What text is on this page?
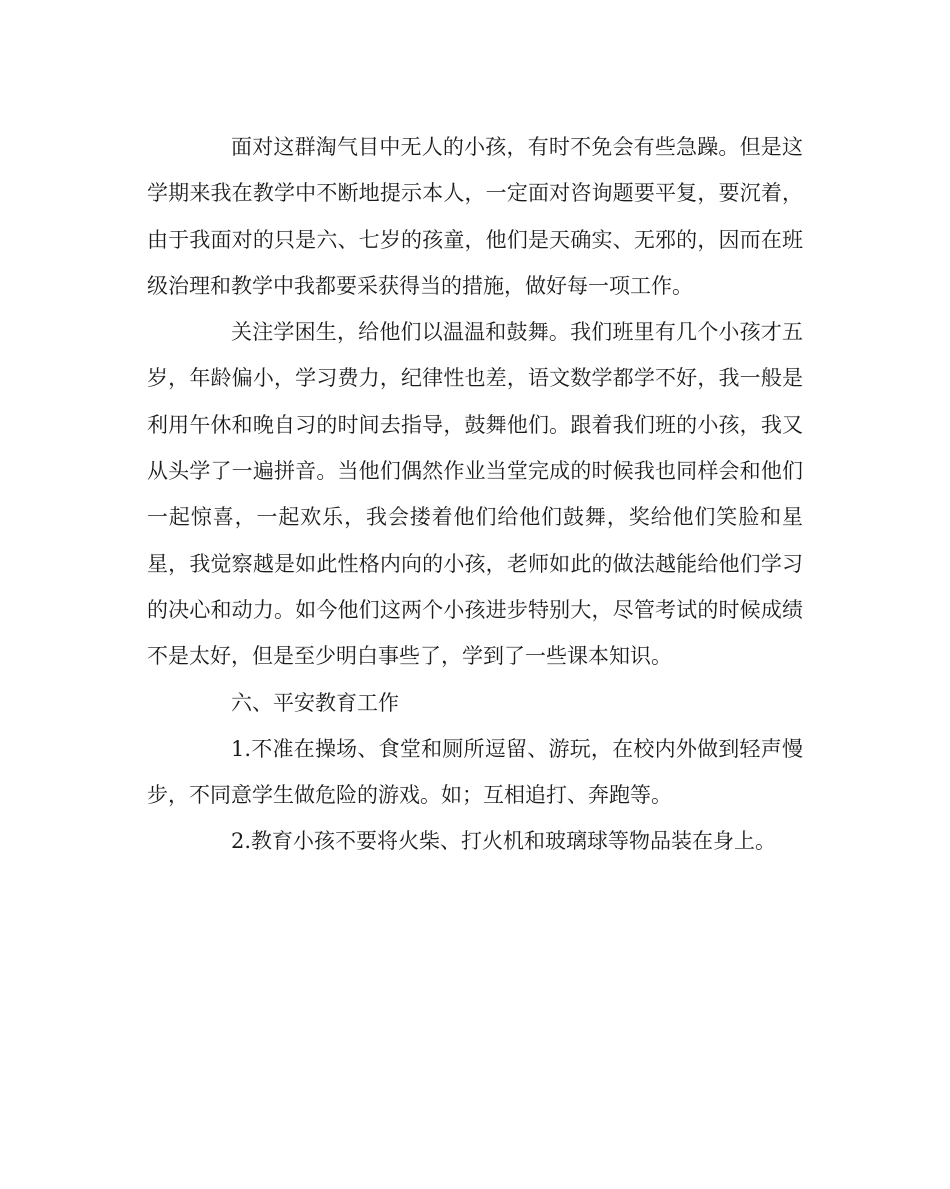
面对这群淘气目中无人的小孩，有时不免会有些急躁。但是这学期来我在教学中不断地提示本人，一定面对咨询题要平复，要沉着，由于我面对的只是六、七岁的孩童，他们是天确实、无邪的，因而在班级治理和教学中我都要采获得当的措施，做好每一项工作。

关注学困生，给他们以温温和鼓舞。我们班里有几个小孩才五岁，年龄偏小，学习费力，纪律性也差，语文数学都学不好，我一般是利用午休和晚自习的时间去指导，鼓舞他们。跟着我们班的小孩，我又从头学了一遍拼音。当他们偶然作业当堂完成的时候我也同样会和他们一起惊喜，一起欢乐，我会搂着他们给他们鼓舞，奖给他们笑脸和星星，我觉察越是如此性格内向的小孩，老师如此的做法越能给他们学习的决心和动力。如今他们这两个小孩进步特别大，尽管考试的时候成绩不是太好，但是至少明白事些了，学到了一些课本知识。

六、平安教育工作

1.不准在操场、食堂和厕所逗留、游玩，在校内外做到轻声慢步，不同意学生做危险的游戏。如；互相追打、奔跑等。

2.教育小孩不要将火柴、打火机和玻璃球等物品装在身上。
